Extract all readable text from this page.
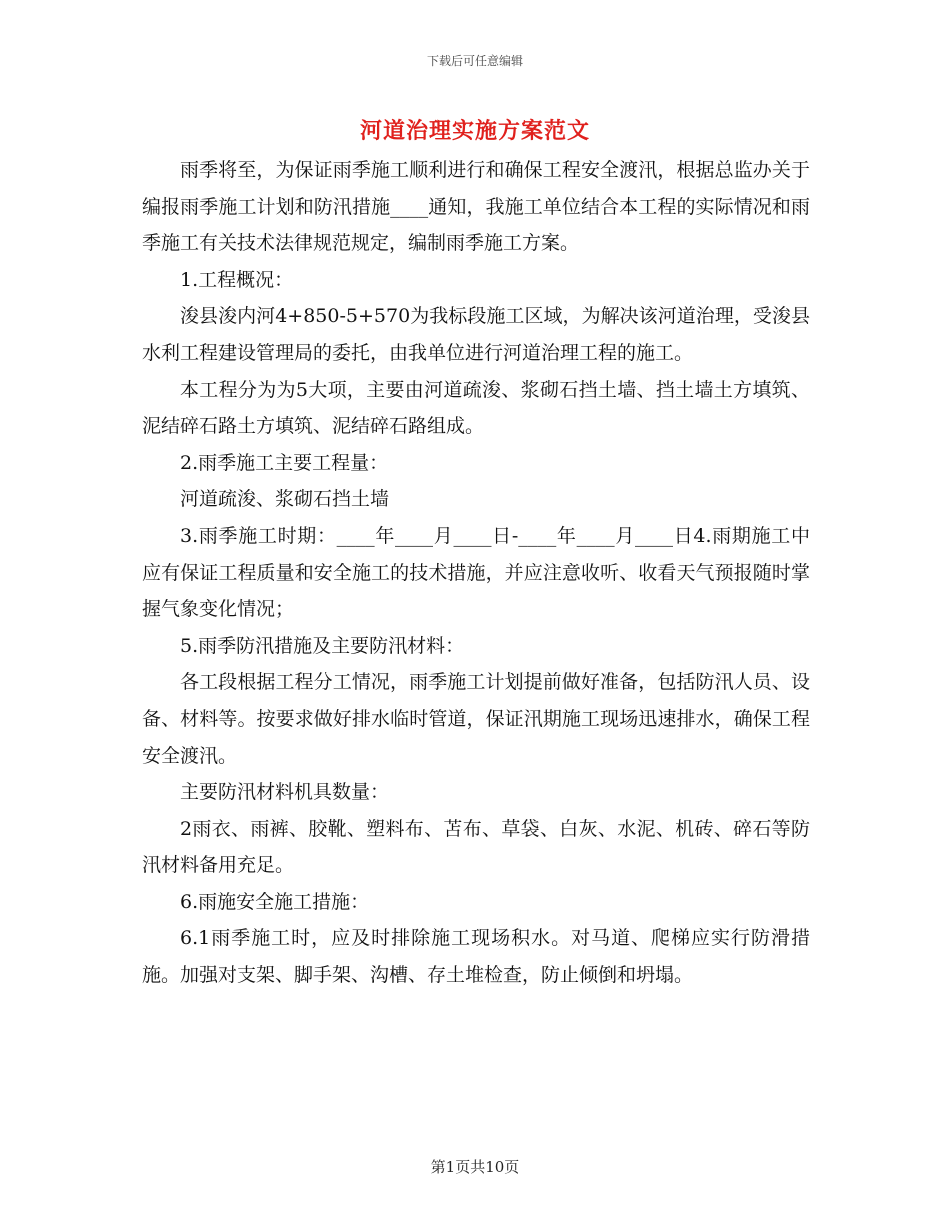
下载后可任意编辑
河道治理实施方案范文

雨季将至，为保证雨季施工顺利进行和确保工程安全渡汛，根据总监办关于编报雨季施工计划和防汛措施____通知，我施工单位结合本工程的实际情况和雨季施工有关技术法律规范规定，编制雨季施工方案。

1.工程概况：

浚县浚内河4+850-5+570为我标段施工区域，为解决该河道治理，受浚县水利工程建设管理局的委托，由我单位进行河道治理工程的施工。

本工程分为为5大项，主要由河道疏浚、浆砌石挡土墙、挡土墙土方填筑、泥结碎石路土方填筑、泥结碎石路组成。

2.雨季施工主要工程量：

河道疏浚、浆砌石挡土墙

3.雨季施工时期：____年____月____日-____年____月____日4.雨期施工中应有保证工程质量和安全施工的技术措施，并应注意收听、收看天气预报随时掌握气象变化情况；

5.雨季防汛措施及主要防汛材料：

各工段根据工程分工情况，雨季施工计划提前做好准备，包括防汛人员、设备、材料等。按要求做好排水临时管道，保证汛期施工现场迅速排水，确保工程安全渡汛。

主要防汛材料机具数量：

2雨衣、雨裤、胶靴、塑料布、苫布、草袋、白灰、水泥、机砖、碎石等防汛材料备用充足。

6.雨施安全施工措施：

6.1雨季施工时，应及时排除施工现场积水。对马道、爬梯应实行防滑措施。加强对支架、脚手架、沟槽、存土堆检查，防止倾倒和坍塌。

第1页共10页
